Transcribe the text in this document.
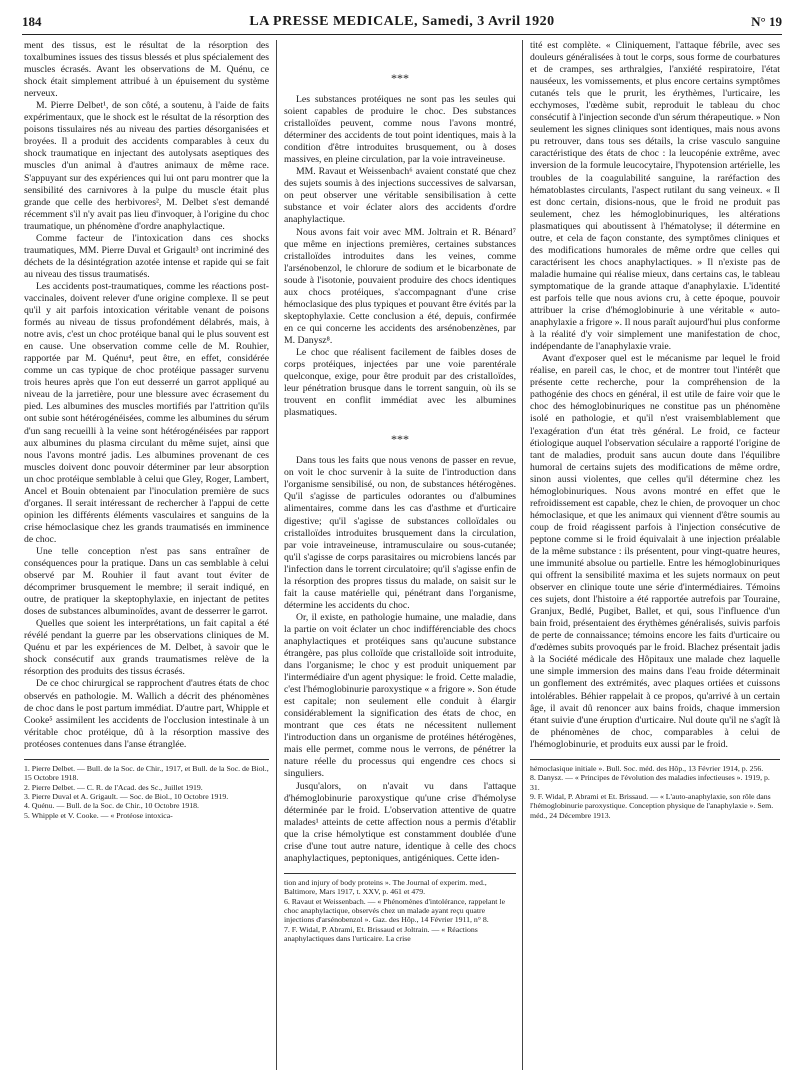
184	LA PRESSE MEDICALE, Samedi, 3 Avril 1920	N° 19

ment des tissus, est le résultat de la résorption des toxalbumines issues des tissus blessés et plus spécialement des muscles écrasés. Avant les observations de M. Quénu, ce shock était simplement attribué à un épuisement du système nerveux.

M. Pierre Delbet¹, de son côté, a soutenu, à l'aide de faits expérimentaux, que le shock est le résultat de la résorption des poisons tissulaires nés au niveau des parties désorganisées et broyées. Il a produit des accidents comparables à ceux du shock traumatique en injectant des autolysats aseptiques des muscles d'un animal à d'autres animaux de même race. S'appuyant sur des expériences qui lui ont paru montrer que la sensibilité des carnivores à la pulpe du muscle était plus grande que celle des herbivores², M. Delbet s'est demandé récemment s'il n'y avait pas lieu d'invoquer, à l'origine du choc traumatique, un phénomène d'ordre anaphylactique.

Comme facteur de l'intoxication dans ces shocks traumatiques, MM. Pierre Duval et Grigault³ ont incriminé des déchets de la désintégration azotée intense et rapide qui se fait au niveau des tissus traumatisés.

Les accidents post-traumatiques, comme les réactions post-vaccinales, doivent relever d'une origine complexe. Il se peut qu'il y ait parfois intoxication véritable venant de poisons formés au niveau de tissus profondément délabrés, mais, à notre avis, c'est un choc protéique banal qui le plus souvent est en cause. Une observation comme celle de M. Rouhier, rapportée par M. Quénu⁴, peut être, en effet, considérée comme un cas typique de choc protéique passager survenu trois heures après que l'on eut desserré un garrot appliqué au niveau de la jarretière, pour une blessure avec écrasement du pied. Les albumines des muscles mortifiés par l'attrition qu'ils ont subie sont hétérogénéisées, comme les albumines du sérum d'un sang recueilli à la veine sont hétérogénéisées par rapport aux albumines du plasma circulant du même sujet, ainsi que nous l'avons montré jadis. Les albumines provenant de ces muscles doivent donc pouvoir déterminer par leur absorption un choc protéique semblable à celui que Gley, Roger, Lambert, Ancel et Bouin obtenaient par l'inoculation première de sucs d'organes. Il serait intéressant de rechercher à l'appui de cette opinion les différents éléments vasculaires et sanguins de la crise hémoclasique chez les grands traumatisés en imminence de choc.

Une telle conception n'est pas sans entraîner de conséquences pour la pratique. Dans un cas semblable à celui observé par M. Rouhier il faut avant tout éviter de décomprimer brusquement le membre; il serait indiqué, en outre, de pratiquer la skeptophylaxie, en injectant de petites doses de substances albuminoïdes, avant de desserrer le garrot.

Quelles que soient les interprétations, un fait capital a été révélé pendant la guerre par les observations cliniques de M. Quénu et par les expériences de M. Delbet, à savoir que le shock consécutif aux grands traumatismes relève de la résorption des produits des tissus écrasés.

De ce choc chirurgical se rapprochent d'autres états de choc observés en pathologie. M. Wallich a décrit des phénomènes de choc dans le post partum immédiat. D'autre part, Whipple et Cooke⁵ assimilent les accidents de l'occlusion intestinale à un véritable choc protéique, dû à la résorption massive des protéoses contenues dans l'anse étranglée.

1. Pierre Delbet. — Bull. de la Soc. de Chir., 1917, et Bull. de la Soc. de Biol., 15 Octobre 1918.
2. Pierre Delbet. — C. R. de l'Acad. des Sc., Juillet 1919.
3. Pierre Duval et A. Grigault. — Soc. de Biol., 10 Octobre 1919.
4. Quénu. — Bull. de la Soc. de Chir., 10 Octobre 1918.
5. Whipple et V. Cooke. — « Protéose intoxica-
***

Les substances protéiques ne sont pas les seules qui soient capables de produire le choc. Des substances cristalloïdes peuvent, comme nous l'avons montré, déterminer des accidents de tout point identiques, mais à la condition d'être introduites brusquement, ou à doses massives, en pleine circulation, par la voie intraveineuse.

MM. Ravaut et Weissenbach⁶ avaient constaté que chez des sujets soumis à des injections successives de salvarsan, on peut observer une véritable sensibilisation à cette substance et voir éclater alors des accidents d'ordre anaphylactique.

Nous avons fait voir avec MM. Joltrain et R. Bénard⁷ que même en injections premières, certaines substances cristalloïdes introduites dans les veines, comme l'arsénobenzol, le chlorure de sodium et le bicarbonate de soude à l'isotonie, pouvaient produire des chocs identiques aux chocs protéiques, s'accompagnant d'une crise hémoclasique des plus typiques et pouvant être évités par la skeptophylaxie. Cette conclusion a été, depuis, confirmée en ce qui concerne les accidents des arsénobenzènes, par M. Danysz⁸.

Le choc que réalisent facilement de faibles doses de corps protéiques, injectées par une voie parentérale quelconque, exige, pour être produit par des cristalloïdes, leur pénétration brusque dans le torrent sanguin, où ils se trouvent en conflit immédiat avec les albumines plasmatiques.

***

Dans tous les faits que nous venons de passer en revue, on voit le choc survenir à la suite de l'introduction dans l'organisme sensibilisé, ou non, de substances hétérogènes. Qu'il s'agisse de particules odorantes ou d'albumines alimentaires, comme dans les cas d'asthme et d'urticaire digestive; qu'il s'agisse de substances colloïdales ou cristalloïdes introduites brusquement dans la circulation, par voie intraveineuse, intramusculaire ou sous-cutanée; qu'il s'agisse de corps parasitaires ou microbiens lancés par l'infection dans le torrent circulatoire; qu'il s'agisse enfin de la résorption des propres tissus du malade, on saisit sur le fait la cause matérielle qui, pénétrant dans l'organisme, détermine les accidents du choc.

Or, il existe, en pathologie humaine, une maladie, dans la partie on voit éclater un choc indifférenciable des chocs anaphylactiques et protéiques sans qu'aucune substance étrangère, pas plus colloïde que cristalloïde soit introduite, dans l'organisme; le choc y est produit uniquement par l'intermédiaire d'un agent physique: le froid. Cette maladie, c'est l'hémoglobinurie paroxystique « a frigore ». Son étude est capitale; non seulement elle conduit à élargir considérablement la signification des états de choc, en montrant que ces états ne nécessitent nullement l'introduction dans un organisme de protéines hétérogènes, mais elle permet, comme nous le verrons, de pénétrer la nature réelle du processus qui engendre ces chocs si singuliers.

Jusqu'alors, on n'avait vu dans l'attaque d'hémoglobinurie paroxystique qu'une crise d'hémolyse déterminée par le froid. L'observation attentive de quatre malades¹ atteints de cette affection nous a permis d'établir que la crise hémolytique est constamment doublée d'une crise d'une tout autre nature, identique à celle des chocs anaphylactiques, peptoniques, antigéniques. Cette iden-

tion and injury of body proteins ». The Journal of experim. med., Baltimore, Mars 1917, t. XXV, p. 461 et 479.
6. Ravaut et Weissenbach. — « Phénomènes d'intolérance, rappelant le choc anaphylactique, observés chez un malade ayant reçu quatre injections d'arsénobenzol ». Gaz. des Hôp., 14 Février 1911, n° 8.
7. F. Widal, P. Abrami, Et. Brissaud et Joltrain. — « Réactions anaphylactiques dans l'urticaire. La crise

tité est complète. « Cliniquement, l'attaque fébrile, avec ses douleurs généralisées à tout le corps, sous forme de courbatures et de crampes, ses arthralgies, l'anxiété respiratoire, l'état nauséeux, les vomissements, et plus encore certains symptômes cutanés tels que le prurit, les érythèmes, l'urticaire, les ecchymoses, l'œdème subit, reproduit le tableau du choc consécutif à l'injection seconde d'un sérum thérapeutique. » Non seulement les signes cliniques sont identiques, mais nous avons pu retrouver, dans tous ses détails, la crise vasculo sanguine caractéristique des états de choc : la leucopénie extrême, avec inversion de la formule leucocytaire, l'hypotension artérielle, les troubles de la coagulabilité sanguine, la raréfaction des hématoblastes circulants, l'aspect rutilant du sang veineux. « Il est donc certain, disions-nous, que le froid ne produit pas seulement, chez les hémoglobinuriques, les altérations plasmatiques qui aboutissent à l'hématolyse; il détermine en outre, et cela de façon constante, des symptômes cliniques et des modifications humorales de même ordre que celles qui caractérisent les chocs anaphylactiques. » Il n'existe pas de maladie humaine qui réalise mieux, dans certains cas, le tableau symptomatique de la grande attaque d'anaphylaxie. L'identité est parfois telle que nous avions cru, à cette époque, pouvoir attribuer la crise d'hémoglobinurie à une véritable « auto-anaphylaxie a frigore ». Il nous paraît aujourd'hui plus conforme à la réalité d'y voir simplement une manifestation de choc, indépendante de l'anaphylaxie vraie.

Avant d'exposer quel est le mécanisme par lequel le froid réalise, en pareil cas, le choc, et de montrer tout l'intérêt que présente cette recherche, pour la compréhension de la pathogénie des chocs en général, il est utile de faire voir que le choc des hémoglobinuriques ne constitue pas un phénomène isolé en pathologie, et qu'il n'est vraisemblablement que l'exagération d'un état très général. Le froid, ce facteur étiologique auquel l'observation séculaire a rapporté l'origine de tant de maladies, produit sans aucun doute dans l'équilibre humoral de certains sujets des modifications de même ordre, sinon aussi violentes, que celles qu'il détermine chez les hémoglobinuriques. Nous avons montré en effet que le refroidissement est capable, chez le chien, de provoquer un choc hémoclasique, et que les animaux qui viennent d'être soumis au coup de froid réagissent parfois à l'injection consécutive de peptone comme si le froid équivalait à une injection préalable de la même substance : ils présentent, pour vingt-quatre heures, une immunité absolue ou partielle. Entre les hémoglobinuriques qui offrent la sensibilité maxima et les sujets normaux on peut observer en clinique toute une série d'intermédiaires. Témoins ces sujets, dont l'histoire a été rapportée autrefois par Touraine, Granjux, Bedlé, Pugibet, Ballet, et qui, sous l'influence d'un bain froid, présentaient des érythèmes généralisés, suivis parfois de perte de connaissance; témoins encore les faits d'urticaire ou d'œdèmes subits provoqués par le froid. Blachez présentait jadis à la Société médicale des Hôpitaux une malade chez laquelle une simple immersion des mains dans l'eau froide déterminait un gonflement des extrémités, avec plaques ortiées et cuissons intolérables. Béhier rappelait à ce propos, qu'arrivé à un certain âge, il avait dû renoncer aux bains froids, chaque immersion étant suivie d'une éruption d'urticaire. Nul doute qu'il ne s'agît là de phénomènes de choc, comparables à celui de l'hémoglobinurie, et produits eux aussi par le froid.

hémoclasique initiale ». Bull. Soc. méd. des Hôp., 13 Février 1914, p. 256.
8. Danysz. — « Principes de l'évolution des maladies infectieuses ». 1919, p. 31.
9. F. Widal, P. Abrami et Et. Brissaud. — « L'auto-anaphylaxie, son rôle dans l'hémoglobinurie paroxystique. Conception physique de l'anaphylaxie ». Sem. méd., 24 Décembre 1913.
